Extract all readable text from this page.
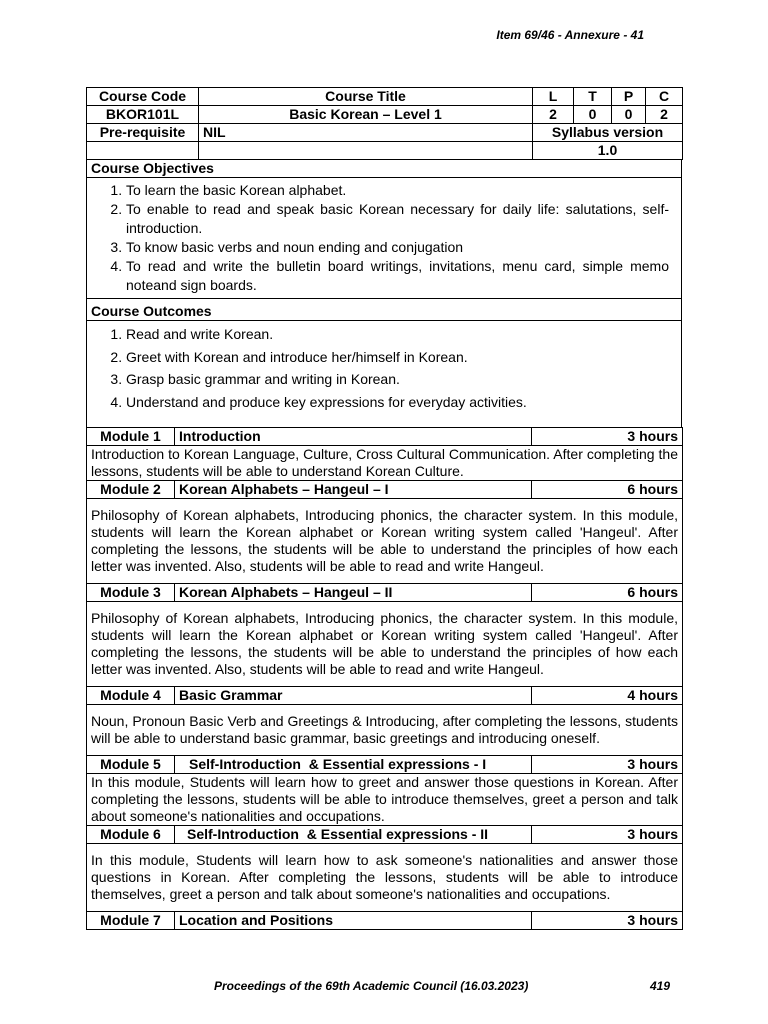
Item 69/46 - Annexure - 41
Course Code	Course Title	L	T	P	C
BKOR101L	Basic Korean – Level 1	2	0	0	2
Pre-requisite	NIL	Syllabus version			
		1.0			
Course Objectives

1. To learn the basic Korean alphabet.
2. To enable to read and speak basic Korean necessary for daily life: salutations, self-introduction.
3. To know basic verbs and noun ending and conjugation
4. To read and write the bulletin board writings, invitations, menu card, simple memo noteand sign boards.

Course Outcomes

1. Read and write Korean.
2. Greet with Korean and introduce her/himself in Korean.
3. Grasp basic grammar and writing in Korean.
4. Understand and produce key expressions for everyday activities.
Module 1	Introduction	3 hours
Introduction to Korean Language, Culture, Cross Cultural Communication. After completing the lessons, students will be able to understand Korean Culture.		
Module 2	Korean Alphabets – Hangeul – I	6 hours
Philosophy of Korean alphabets, Introducing phonics, the character system. In this module, students will learn the Korean alphabet or Korean writing system called 'Hangeul'. After completing the lessons, the students will be able to understand the principles of how each letter was invented. Also, students will be able to read and write Hangeul.		
Module 3	Korean Alphabets – Hangeul – II	6 hours
Philosophy of Korean alphabets, Introducing phonics, the character system. In this module, students will learn the Korean alphabet or Korean writing system called 'Hangeul'. After completing the lessons, the students will be able to understand the principles of how each letter was invented. Also, students will be able to read and write Hangeul.		
Module 4	Basic Grammar	4 hours
Noun, Pronoun Basic Verb and Greetings & Introducing, after completing the lessons, students will be able to understand basic grammar, basic greetings and introducing oneself.		
Module 5	Self-Introduction  & Essential expressions - I	3 hours
In this module, Students will learn how to greet and answer those questions in Korean. After completing the lessons, students will be able to introduce themselves, greet a person and talk about someone's nationalities and occupations.		
Module 6	Self-Introduction  & Essential expressions - II	3 hours
In this module, Students will learn how to ask someone's nationalities and answer those questions in Korean. After completing the lessons, students will be able to introduce themselves, greet a person and talk about someone's nationalities and occupations.		
Module 7	Location and Positions	3 hours
Proceedings of the 69th Academic Council (16.03.2023)	419
